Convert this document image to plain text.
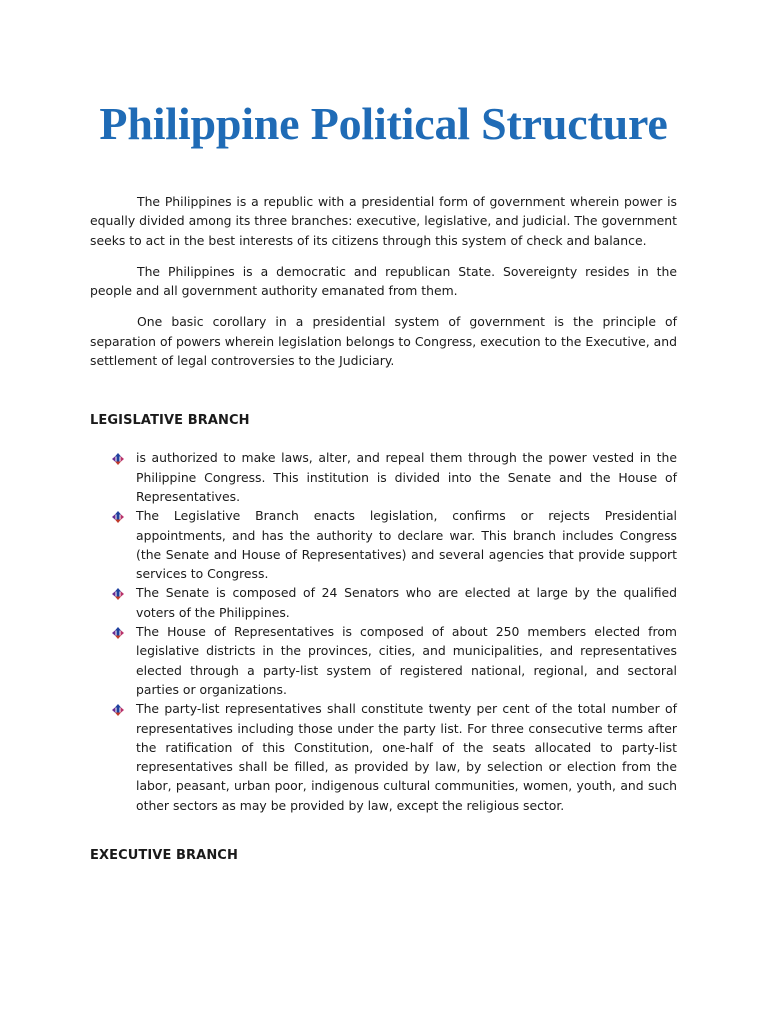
Philippine Political Structure

The Philippines is a republic with a presidential form of government wherein power is equally divided among its three branches: executive, legislative, and judicial. The government seeks to act in the best interests of its citizens through this system of check and balance.

The Philippines is a democratic and republican State. Sovereignty resides in the people and all government authority emanated from them.

One basic corollary in a presidential system of government is the principle of separation of powers wherein legislation belongs to Congress, execution to the Executive, and settlement of legal controversies to the Judiciary.

LEGISLATIVE BRANCH
is authorized to make laws, alter, and repeal them through the power vested in the Philippine Congress. This institution is divided into the Senate and the House of Representatives.
The Legislative Branch enacts legislation, confirms or rejects Presidential appointments, and has the authority to declare war. This branch includes Congress (the Senate and House of Representatives) and several agencies that provide support services to Congress.
The Senate is composed of 24 Senators who are elected at large by the qualified voters of the Philippines.
The House of Representatives is composed of about 250 members elected from legislative districts in the provinces, cities, and municipalities, and representatives elected through a party-list system of registered national, regional, and sectoral parties or organizations.
The party-list representatives shall constitute twenty per cent of the total number of representatives including those under the party list. For three consecutive terms after the ratification of this Constitution, one-half of the seats allocated to party-list representatives shall be filled, as provided by law, by selection or election from the labor, peasant, urban poor, indigenous cultural communities, women, youth, and such other sectors as may be provided by law, except the religious sector.
EXECUTIVE BRANCH
